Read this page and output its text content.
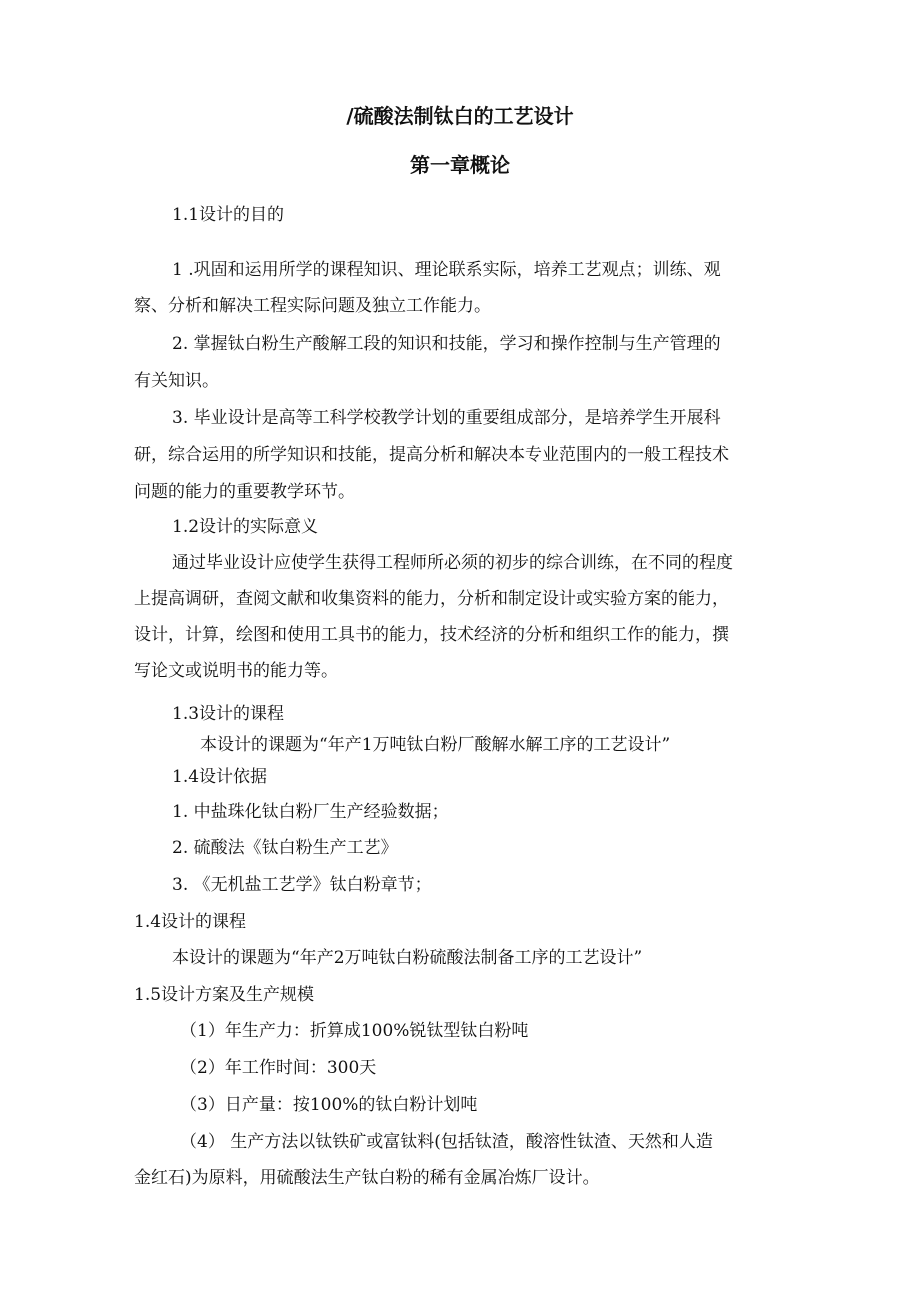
/硫酸法制钛白的工艺设计
第一章概论
1.1设计的目的
1 .巩固和运用所学的课程知识、理论联系实际，培养工艺观点；训练、观
察、分析和解决工程实际问题及独立工作能力。
2. 掌握钛白粉生产酸解工段的知识和技能，学习和操作控制与生产管理的
有关知识。
3. 毕业设计是高等工科学校教学计划的重要组成部分，是培养学生开展科
研，综合运用的所学知识和技能，提高分析和解决本专业范围内的一般工程技术
问题的能力的重要教学环节。
1.2设计的实际意义
通过毕业设计应使学生获得工程师所必须的初步的综合训练，在不同的程度
上提高调研，查阅文献和收集资料的能力，分析和制定设计或实验方案的能力，
设计，计算，绘图和使用工具书的能力，技术经济的分析和组织工作的能力，撰
写论文或说明书的能力等。
1.3设计的课程
本设计的课题为“年产1万吨钛白粉厂酸解水解工序的工艺设计”
1.4设计依据
1. 中盐珠化钛白粉厂生产经验数据；
2. 硫酸法《钛白粉生产工艺》
3. 《无机盐工艺学》钛白粉章节；
1.4设计的课程
本设计的课题为“年产2万吨钛白粉硫酸法制备工序的工艺设计”
1.5设计方案及生产规模
（1）年生产力：折算成100%锐钛型钛白粉吨
（2）年工作时间：300天
（3）日产量：按100%的钛白粉计划吨
（4） 生产方法以钛铁矿或富钛料(包括钛渣，酸溶性钛渣、天然和人造
金红石)为原料，用硫酸法生产钛白粉的稀有金属冶炼厂设计。
